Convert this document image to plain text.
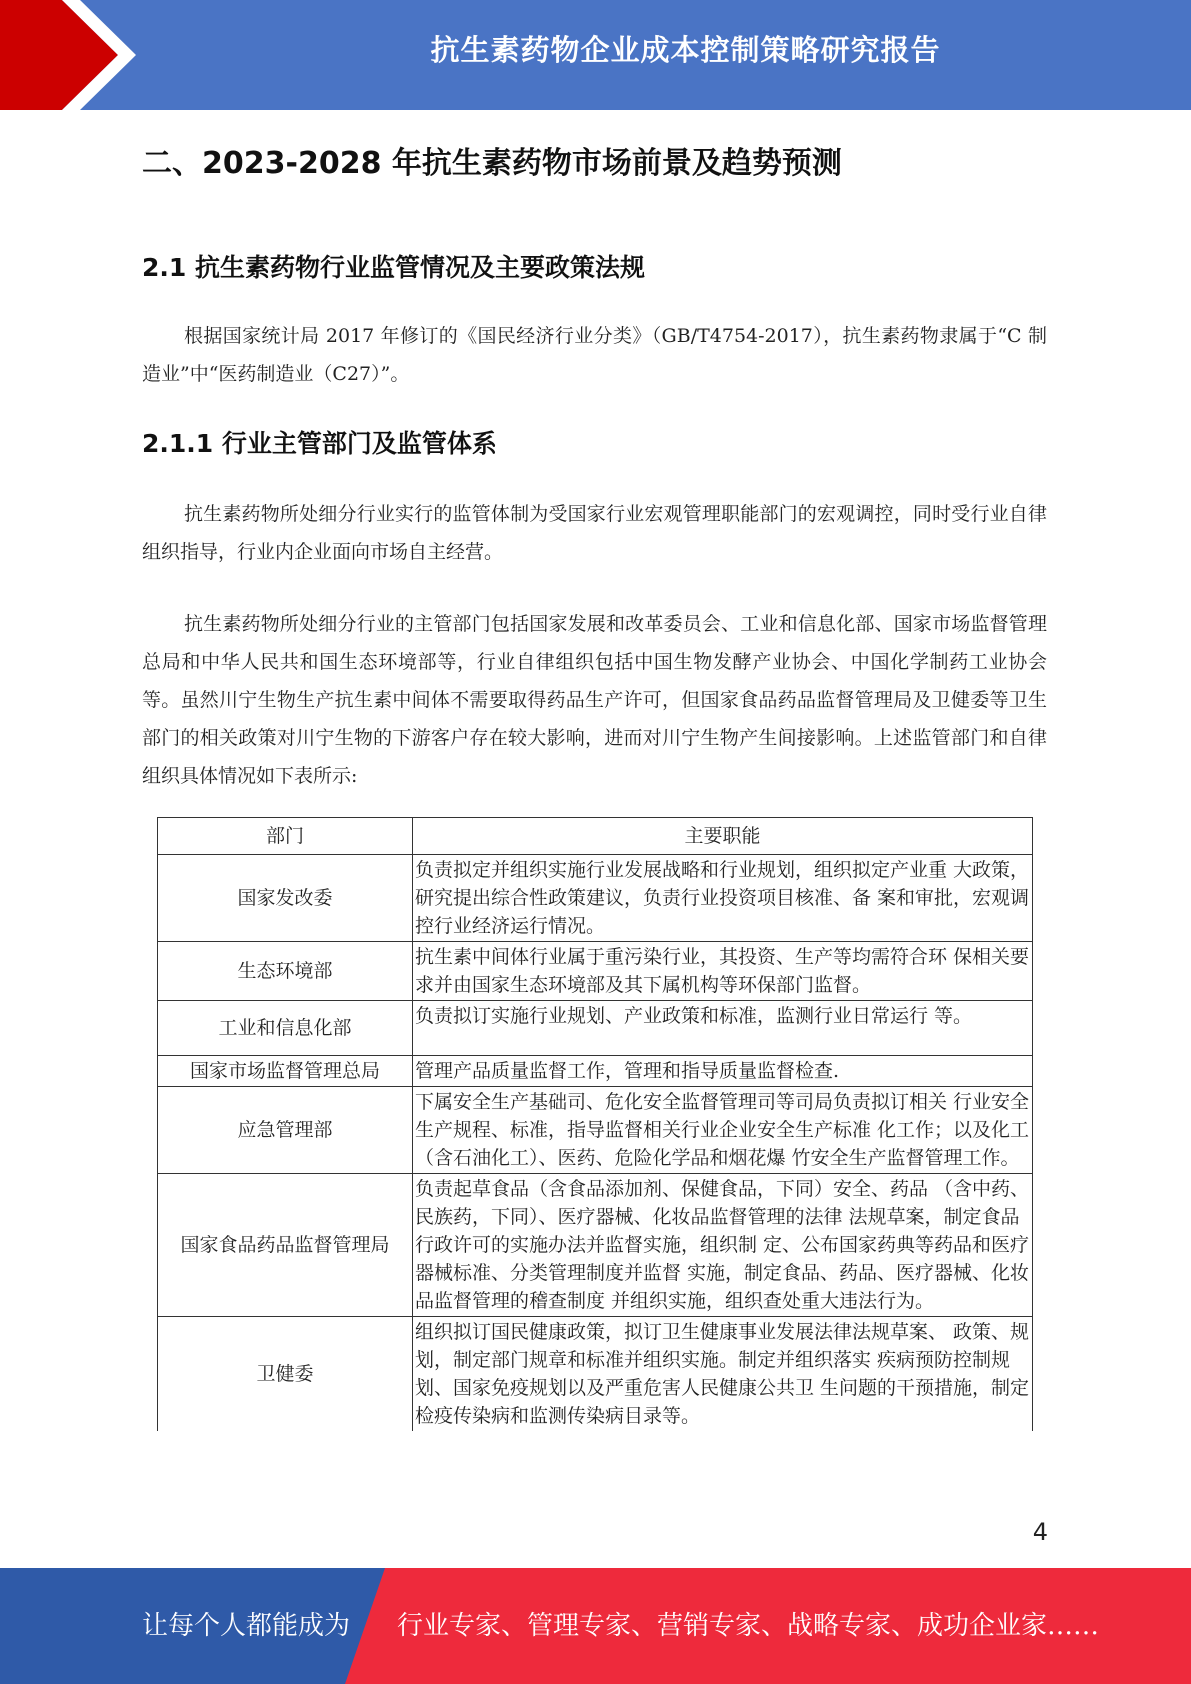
抗生素药物企业成本控制策略研究报告
二、2023-2028 年抗生素药物市场前景及趋势预测
2.1 抗生素药物行业监管情况及主要政策法规
根据国家统计局 2017 年修订的《国民经济行业分类》（GB/T4754-2017），抗生素药物隶属于“C 制造业”中“医药制造业（C27）”。
2.1.1 行业主管部门及监管体系
抗生素药物所处细分行业实行的监管体制为受国家行业宏观管理职能部门的宏观调控，同时受行业自律组织指导，行业内企业面向市场自主经营。
抗生素药物所处细分行业的主管部门包括国家发展和改革委员会、工业和信息化部、国家市场监督管理总局和中华人民共和国生态环境部等，行业自律组织包括中国生物发酵产业协会、中国化学制药工业协会等。虽然川宁生物生产抗生素中间体不需要取得药品生产许可，但国家食品药品监督管理局及卫健委等卫生部门的相关政策对川宁生物的下游客户存在较大影响，进而对川宁生物产生间接影响。上述监管部门和自律组织具体情况如下表所示:
部门	主要职能
国家发改委	负责拟定并组织实施行业发展战略和行业规划，组织拟定产业重 大政策，研究提出综合性政策建议，负责行业投资项目核准、备 案和审批，宏观调控行业经济运行情况。
生态环境部	抗生素中间体行业属于重污染行业，其投资、生产等均需符合环 保相关要求并由国家生态环境部及其下属机构等环保部门监督。
工业和信息化部	负责拟订实施行业规划、产业政策和标准，监测行业日常运行 等。
国家市场监督管理总局	管理产品质量监督工作，管理和指导质量监督检查.
应急管理部	下属安全生产基础司、危化安全监督管理司等司局负责拟订相关 行业安全生产规程、标准，指导监督相关行业企业安全生产标准 化工作；以及化工（含石油化工）、医药、危险化学品和烟花爆 竹安全生产监督管理工作。
国家食品药品监督管理局	负责起草食品（含食品添加剂、保健食品，下同）安全、药品 （含中药、民族药，下同）、医疗器械、化妆品监督管理的法律 法规草案，制定食品行政许可的实施办法并监督实施，组织制 定、公布国家药典等药品和医疗器械标准、分类管理制度并监督 实施，制定食品、药品、医疗器械、化妆品监督管理的稽查制度 并组织实施，组织查处重大违法行为。
卫健委	组织拟订国民健康政策，拟订卫生健康事业发展法律法规草案、 政策、规划，制定部门规章和标准并组织实施。制定并组织落实 疾病预防控制规划、国家免疫规划以及严重危害人民健康公共卫 生问题的干预措施，制定检疫传染病和监测传染病目录等。
4
让每个人都能成为 行业专家、管理专家、营销专家、战略专家、成功企业家……
